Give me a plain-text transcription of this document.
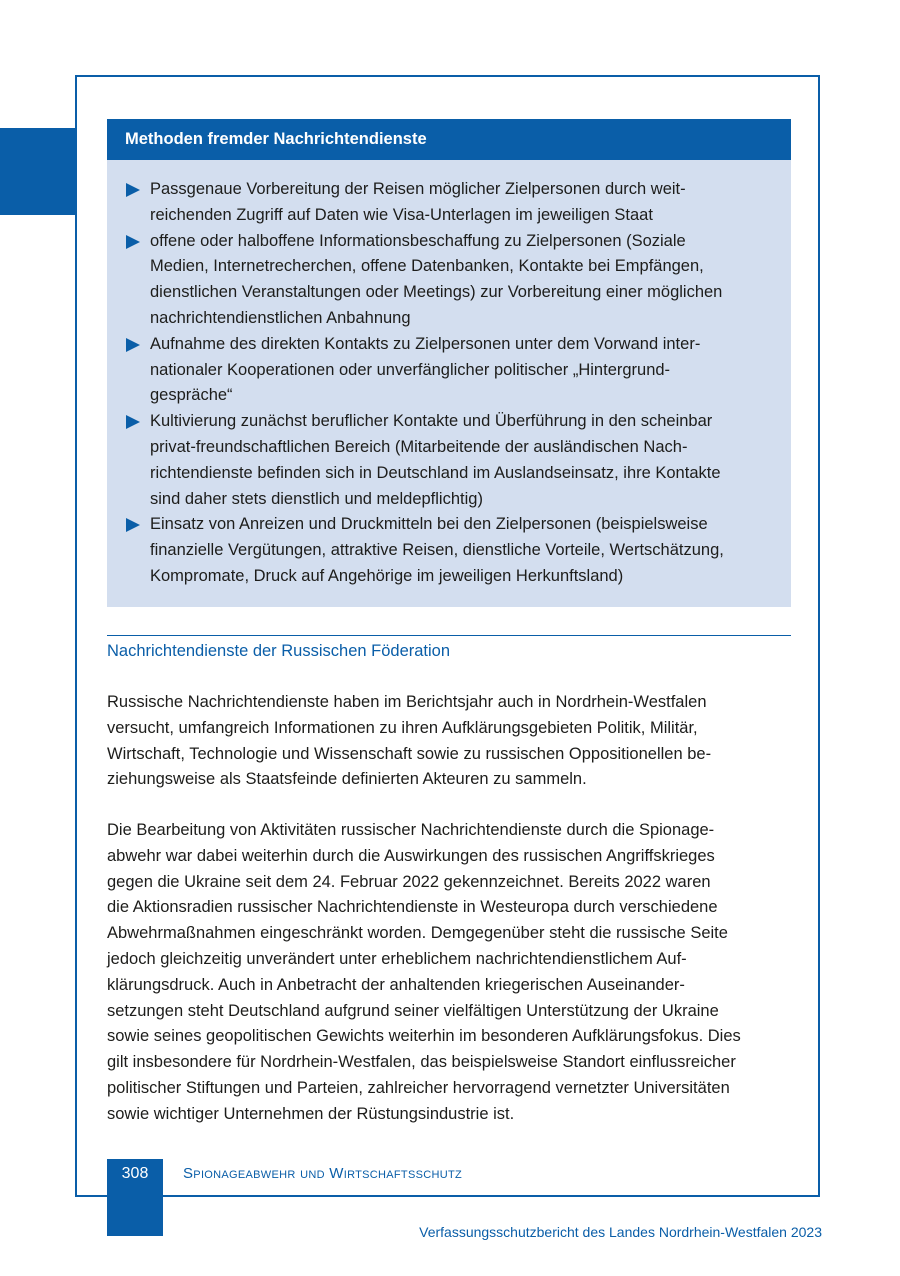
Methoden fremder Nachrichtendienste
Passgenaue Vorbereitung der Reisen möglicher Zielpersonen durch weit-
reichenden Zugriff auf Daten wie Visa-Unterlagen im jeweiligen Staat
offene oder halboffene Informationsbeschaffung zu Zielpersonen (Soziale
Medien, Internetrecherchen, offene Datenbanken, Kontakte bei Empfängen,
dienstlichen Veranstaltungen oder Meetings) zur Vorbereitung einer möglichen
nachrichtendienstlichen Anbahnung
Aufnahme des direkten Kontakts zu Zielpersonen unter dem Vorwand inter-
nationaler Kooperationen oder unverfänglicher politischer „Hintergrund-
gespräche“
Kultivierung zunächst beruflicher Kontakte und Überführung in den scheinbar
privat-freundschaftlichen Bereich (Mitarbeitende der ausländischen Nach-
richtendienste befinden sich in Deutschland im Auslandseinsatz, ihre Kontakte
sind daher stets dienstlich und meldepflichtig)
Einsatz von Anreizen und Druckmitteln bei den Zielpersonen (beispielsweise
finanzielle Vergütungen, attraktive Reisen, dienstliche Vorteile, Wertschätzung,
Kompromate, Druck auf Angehörige im jeweiligen Herkunftsland)
Nachrichtendienste der Russischen Föderation

Russische Nachrichtendienste haben im Berichtsjahr auch in Nordrhein-Westfalen
versucht, umfangreich Informationen zu ihren Aufklärungsgebieten Politik, Militär,
Wirtschaft, Technologie und Wissenschaft sowie zu russischen Oppositionellen be-
ziehungsweise als Staatsfeinde definierten Akteuren zu sammeln.

Die Bearbeitung von Aktivitäten russischer Nachrichtendienste durch die Spionage-
abwehr war dabei weiterhin durch die Auswirkungen des russischen Angriffskrieges
gegen die Ukraine seit dem 24. Februar 2022 gekennzeichnet. Bereits 2022 waren
die Aktionsradien russischer Nachrichtendienste in Westeuropa durch verschiedene
Abwehrmaßnahmen eingeschränkt worden. Demgegenüber steht die russische Seite
jedoch gleichzeitig unverändert unter erheblichem nachrichtendienstlichem Auf-
klärungsdruck. Auch in Anbetracht der anhaltenden kriegerischen Auseinander-
setzungen steht Deutschland aufgrund seiner vielfältigen Unterstützung der Ukraine
sowie seines geopolitischen Gewichts weiterhin im besonderen Aufklärungsfokus. Dies
gilt insbesondere für Nordrhein-Westfalen, das beispielsweise Standort einflussreicher
politischer Stiftungen und Parteien, zahlreicher hervorragend vernetzter Universitäten
sowie wichtiger Unternehmen der Rüstungsindustrie ist.

308	Spionageabwehr und Wirtschaftsschutz
Verfassungsschutzbericht des Landes Nordrhein-Westfalen 2023
